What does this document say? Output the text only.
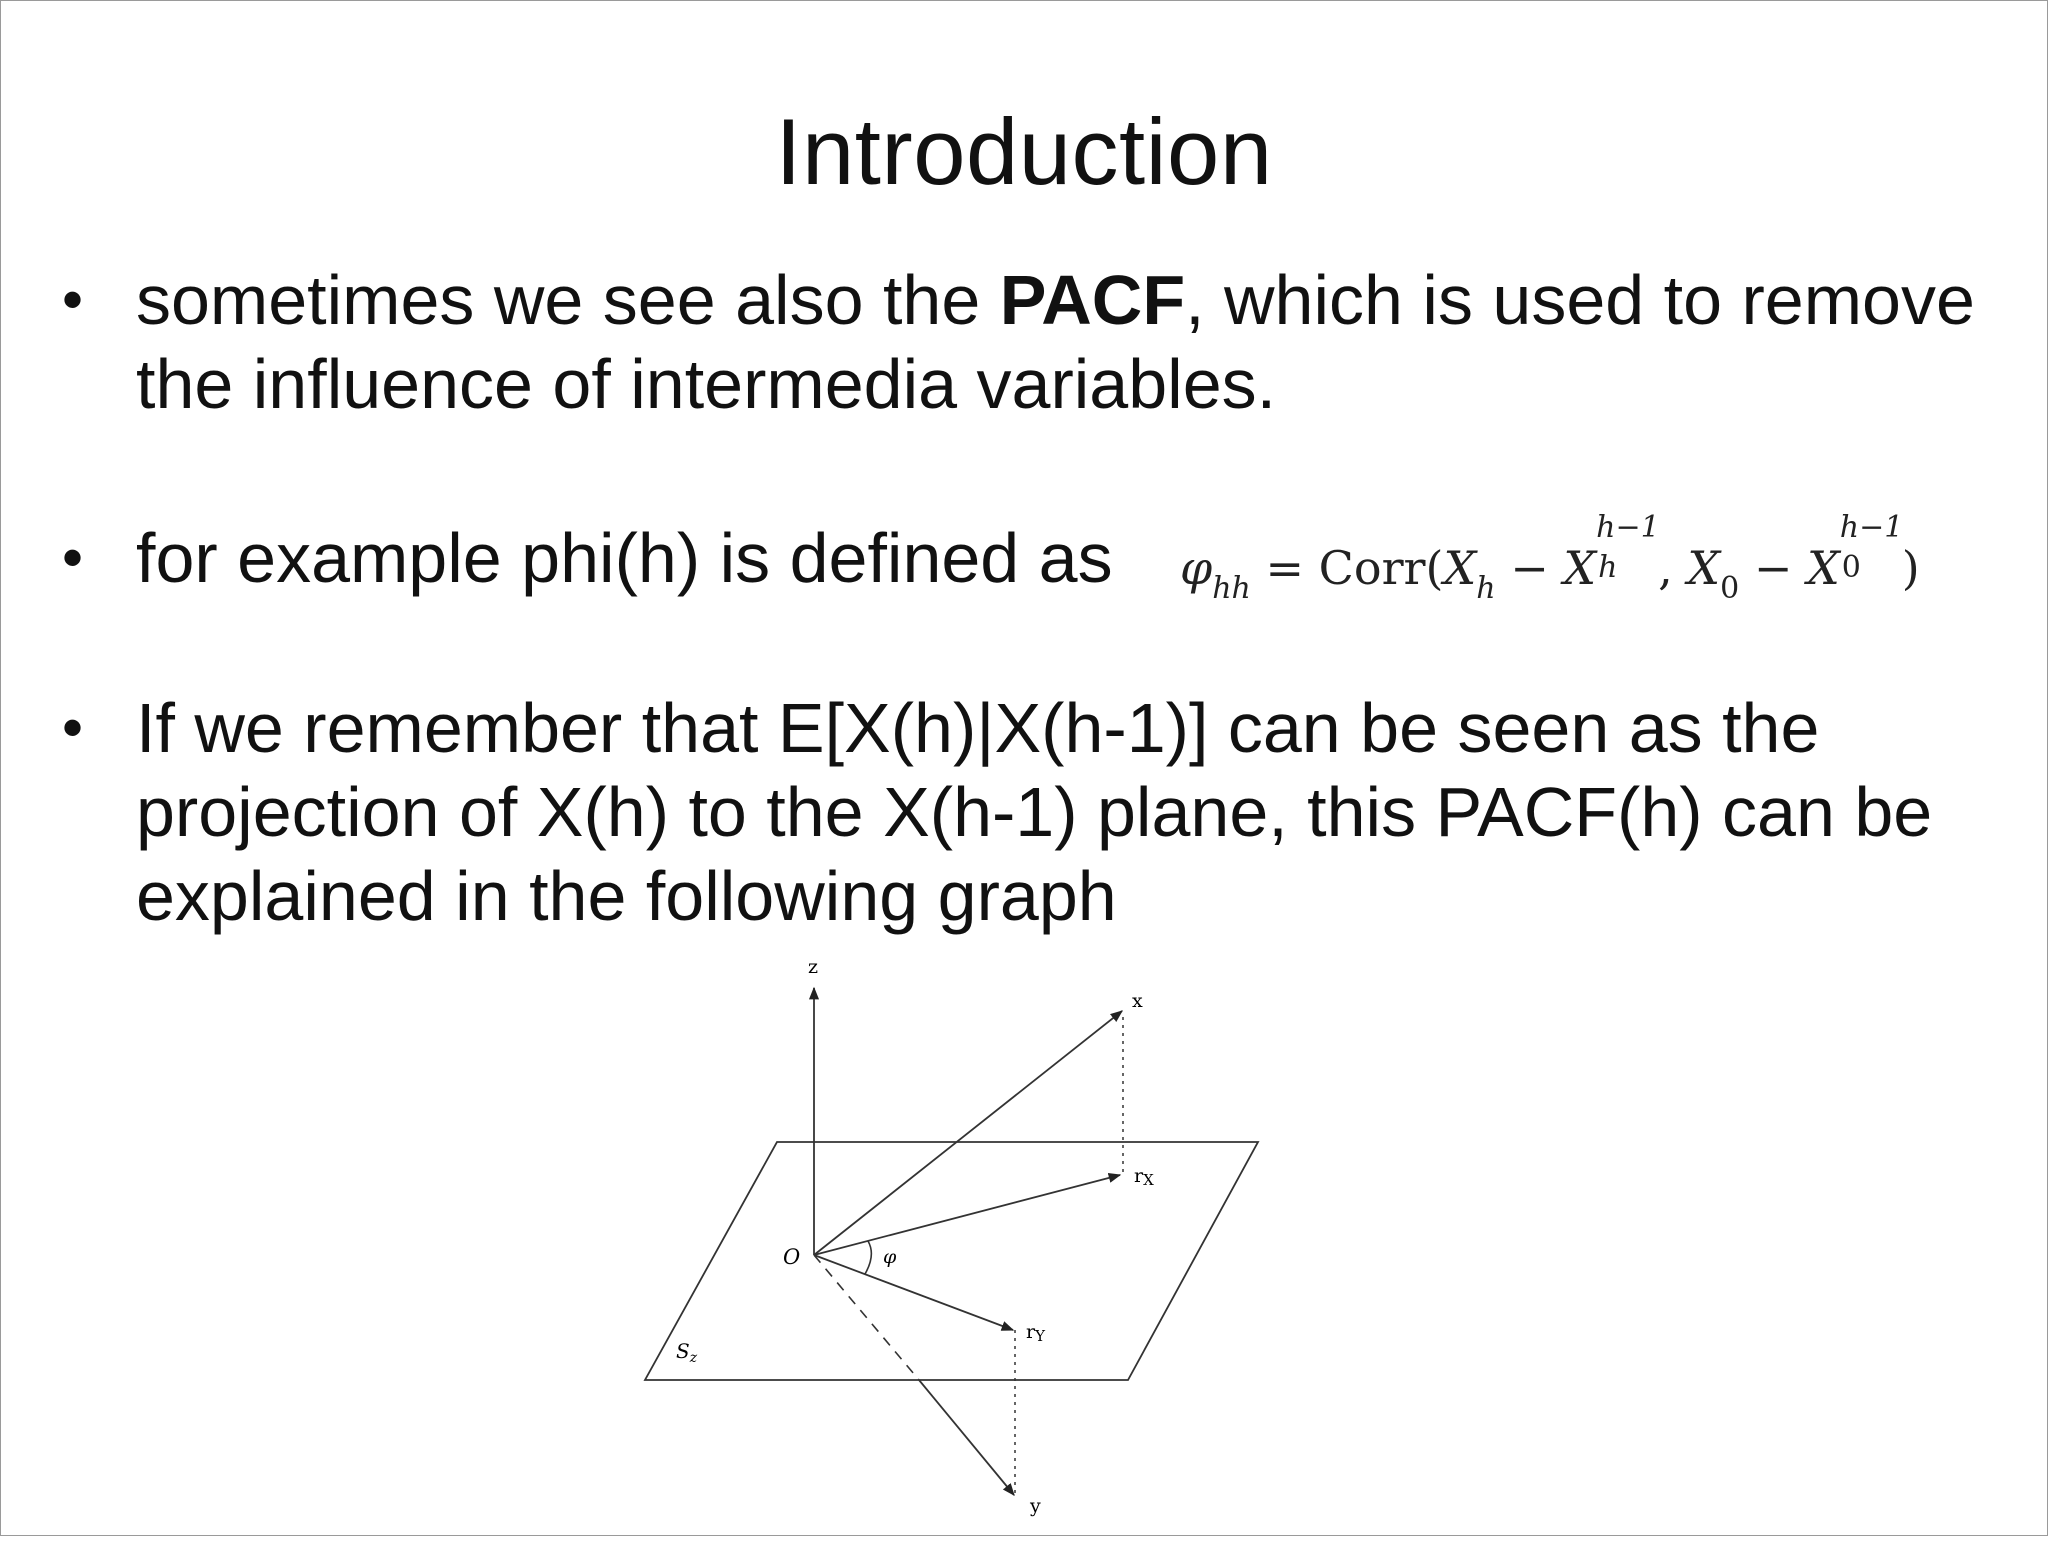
Introduction
• sometimes we see also the PACF, which is used to remove the influence of intermedia variables.
• for example phi(h) is defined as	$\varphi_{hh}$ = $Corr(X_h - X$
h−1
h , $X_0 - X$
h−1
0 )
• If we remember that E[X(h)|X(h-1)] can be seen as the projection of X(h) to the X(h-1) plane, this PACF(h) can be explained in the following graph
z
x
rX
O	φ
rY
$S_z$
y
